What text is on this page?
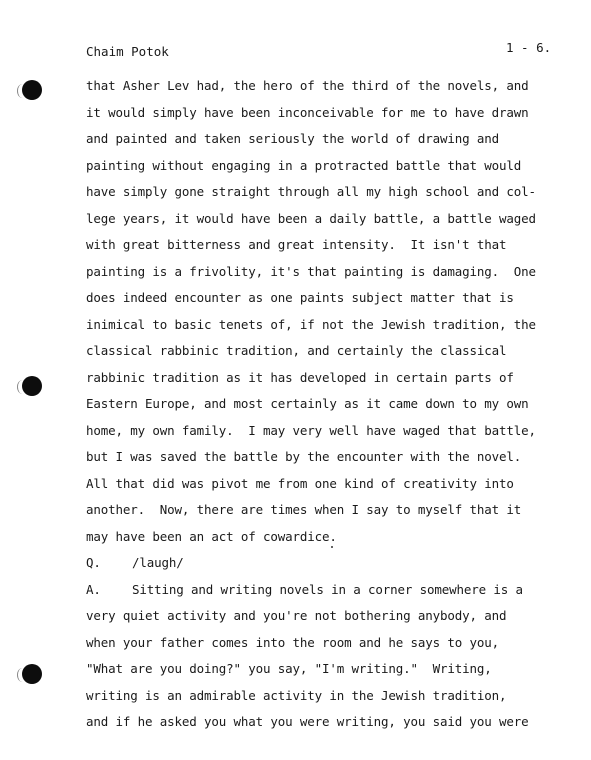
Chaim Potok	1 - 6.
that Asher Lev had, the hero of the third of the novels, and
it would simply have been inconceivable for me to have drawn
and painted and taken seriously the world of drawing and
painting without engaging in a protracted battle that would
have simply gone straight through all my high school and col-
lege years, it would have been a daily battle, a battle waged
with great bitterness and great intensity.  It isn't that
painting is a frivolity, it's that painting is damaging.  One
does indeed encounter as one paints subject matter that is
inimical to basic tenets of, if not the Jewish tradition, the
classical rabbinic tradition, and certainly the classical
rabbinic tradition as it has developed in certain parts of
Eastern Europe, and most certainly as it came down to my own
home, my own family.  I may very well have waged that battle,
but I was saved the battle by the encounter with the novel.
All that did was pivot me from one kind of creativity into
another.  Now, there are times when I say to myself that it
may have been an act of cowardice.
Q. /laugh/
A. Sitting and writing novels in a corner somewhere is a
very quiet activity and you're not bothering anybody, and
when your father comes into the room and he says to you,
"What are you doing?" you say, "I'm writing."  Writing,
writing is an admirable activity in the Jewish tradition,
and if he asked you what you were writing, you said you were
